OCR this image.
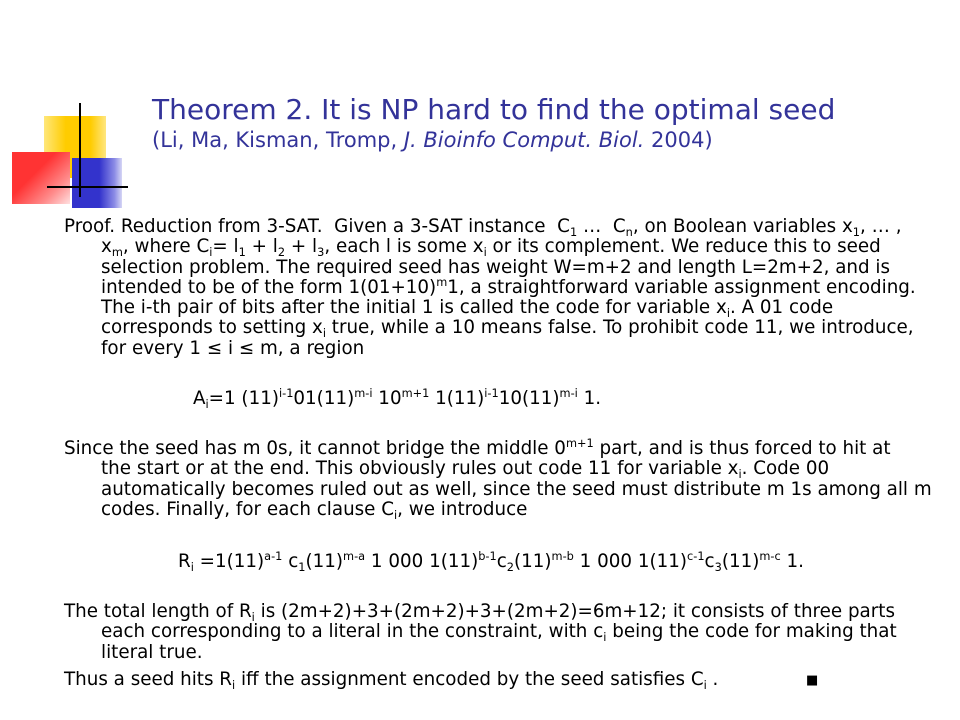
Theorem 2. It is NP hard to find the optimal seed
(Li, Ma, Kisman, Tromp, J. Bioinfo Comput. Biol. 2004)
Proof. Reduction from 3-SAT.  Given a 3-SAT instance  $C_1$ …  $C_n$, on Boolean variables $x_1$, … ,
$x_m$, where $C_i= l_1 + l_2 + l_3$, each l is some $x_i$ or its complement. We reduce this to seed
selection problem. The required seed has weight W=m+2 and length L=2m+2, and is
intended to be of the form $1(01+10)^m1$, a straightforward variable assignment encoding.
The i-th pair of bits after the initial 1 is called the code for variable $x_i$. A 01 code
corresponds to setting $x_i$ true, while a 10 means false. To prohibit code 11, we introduce,
for every 1 ≤ i ≤ m, a region
$A_i=1$ $(11)^{i-1}01(11)^{m-i}$ $10^{m+1}$ $1(11)^{i-1}10(11)^{m-i}$ 1.
Since the seed has m 0s, it cannot bridge the middle $0^{m+1}$ part, and is thus forced to hit at
the start or at the end. This obviously rules out code 11 for variable $x_i$. Code 00
automatically becomes ruled out as well, since the seed must distribute m 1s among all m
codes. Finally, for each clause $C_i$, we introduce
$R_i =1(11)^{a-1}$ $c_1(11)^{m-a}$ 1 000 $1(11)^{b-1}c_2(11)^{m-b}$ 1 000 $1(11)^{c-1}c_3(11)^{m-c}$ 1.
The total length of $R_i$ is (2m+2)+3+(2m+2)+3+(2m+2)=6m+12; it consists of three parts
each corresponding to a literal in the constraint, with $c_i$ being the code for making that
literal true.
Thus a seed hits $R_i$ iff the assignment encoded by the seed satisfies $C_i$ .	■
